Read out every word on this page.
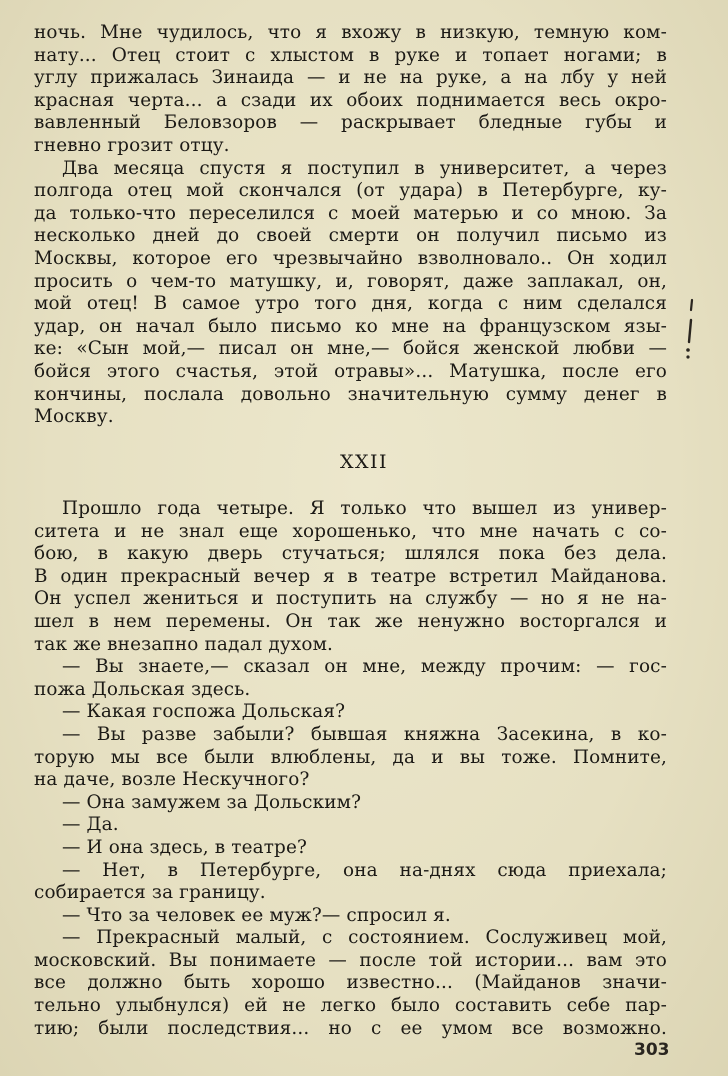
ночь. Мне чудилось, что я вхожу в низкую, темную ком-
нату... Отец стоит с хлыстом в руке и топает ногами; в
углу прижалась Зинаида — и не на руке, а на лбу у ней
красная черта... а сзади их обоих поднимается весь окро-
вавленный Беловзоров — раскрывает бледные губы и
гневно грозит отцу.
Два месяца спустя я поступил в университет, а через
полгода отец мой скончался (от удара) в Петербурге, ку-
да только-что переселился с моей матерью и со мною. За
несколько дней до своей смерти он получил письмо из
Москвы, которое его чрезвычайно взволновало.. Он ходил
просить о чем-то матушку, и, говорят, даже заплакал, он,
мой отец! В самое утро того дня, когда с ним сделался
удар, он начал было письмо ко мне на французском язы-
ке: «Сын мой,— писал он мне,— бойся женской любви —
бойся этого счастья, этой отравы»... Матушка, после его
кончины, послала довольно значительную сумму денег в
Москву.
XXII
Прошло года четыре. Я только что вышел из универ-
ситета и не знал еще хорошенько, что мне начать с со-
бою, в какую дверь стучаться; шлялся пока без дела.
В один прекрасный вечер я в театре встретил Майданова.
Он успел жениться и поступить на службу — но я не на-
шел в нем перемены. Он так же ненужно восторгался и
так же внезапно падал духом.
— Вы знаете,— сказал он мне, между прочим: — гос-
пожа Дольская здесь.
— Какая госпожа Дольская?
— Вы разве забыли? бывшая княжна Засекина, в ко-
торую мы все были влюблены, да и вы тоже. Помните,
на даче, возле Нескучного?
— Она замужем за Дольским?
— Да.
— И она здесь, в театре?
— Нет, в Петербурге, она на-днях сюда приехала;
собирается за границу.
— Что за человек ее муж?— спросил я.
— Прекрасный малый, с состоянием. Сослуживец мой,
московский. Вы понимаете — после той истории... вам это
все должно быть хорошо известно... (Майданов значи-
тельно улыбнулся) ей не легко было составить себе пар-
тию; были последствия... но с ее умом все возможно.
303
